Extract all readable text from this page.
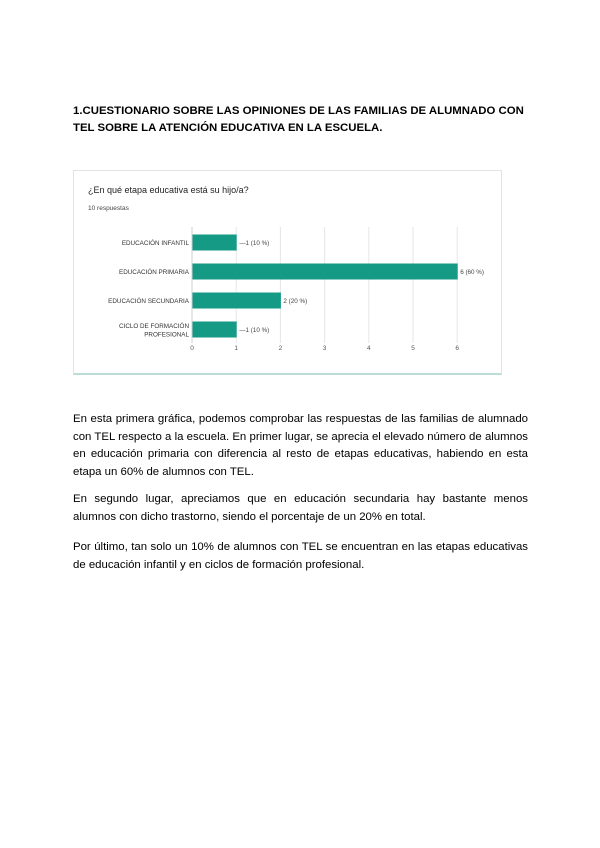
1.CUESTIONARIO SOBRE LAS OPINIONES DE LAS FAMILIAS DE ALUMNADO CON TEL SOBRE LA ATENCIÓN EDUCATIVA EN LA ESCUELA.
¿En qué etapa educativa está su hijo/a?
10 respuestas
0	1	2	3	4	5	6
EDUCACIÓN INFANTIL	—1 (10 %)
EDUCACIÓN PRIMARIA	6 (60 %)
EDUCACIÓN SECUNDARIA	2 (20 %)
CICLO DE FORMACIÓN
PROFESIONAL
—1 (10 %)

En esta primera gráfica, podemos comprobar las respuestas de las familias de alumnado con TEL respecto a la escuela. En primer lugar, se aprecia el elevado número de alumnos en educación primaria con diferencia al resto de etapas educativas, habiendo en esta etapa un 60% de alumnos con TEL.

En segundo lugar, apreciamos que en educación secundaria hay bastante menos alumnos con dicho trastorno, siendo el porcentaje de un 20% en total.

Por último, tan solo un 10% de alumnos con TEL se encuentran en las etapas educativas de educación infantil y en ciclos de formación profesional.
